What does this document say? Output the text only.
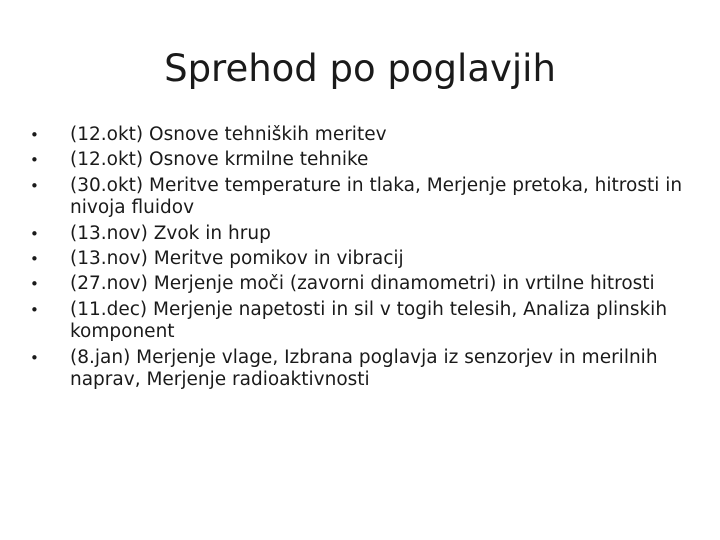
Sprehod po poglavjih
• (12.okt) Osnove tehniških meritev
• (12.okt) Osnove krmilne tehnike
• (30.okt) Meritve temperature in tlaka, Merjenje pretoka, hitrosti in nivoja fluidov
• (13.nov) Zvok in hrup
• (13.nov) Meritve pomikov in vibracij
• (27.nov) Merjenje moči (zavorni dinamometri) in vrtilne hitrosti
• (11.dec) Merjenje napetosti in sil v togih telesih, Analiza plinskih komponent
• (8.jan) Merjenje vlage, Izbrana poglavja iz senzorjev in merilnih naprav, Merjenje radioaktivnosti
